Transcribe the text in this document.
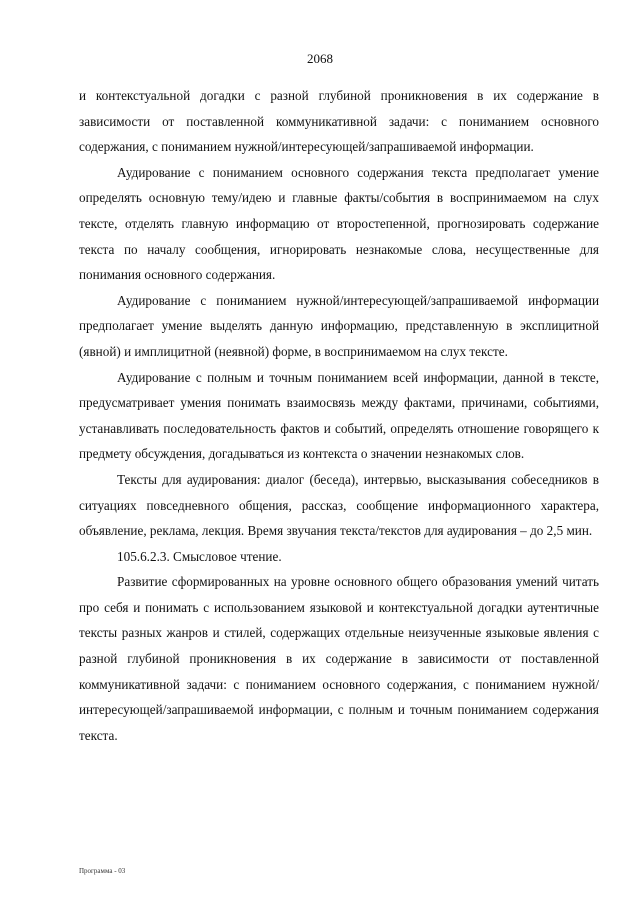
2068

и контекстуальной догадки с разной глубиной проникновения в их содержание в зависимости от поставленной коммуникативной задачи: с пониманием основного содержания, с пониманием нужной/интересующей/запрашиваемой информации.

Аудирование с пониманием основного содержания текста предполагает умение определять основную тему/идею и главные факты/события в воспринимаемом на слух тексте, отделять главную информацию от второстепенной, прогнозировать содержание текста по началу сообщения, игнорировать незнакомые слова, несущественные для понимания основного содержания.

Аудирование с пониманием нужной/интересующей/запрашиваемой информации предполагает умение выделять данную информацию, представленную в эксплицитной (явной) и имплицитной (неявной) форме, в воспринимаемом на слух тексте.

Аудирование с полным и точным пониманием всей информации, данной в тексте, предусматривает умения понимать взаимосвязь между фактами, причинами, событиями, устанавливать последовательность фактов и событий, определять отношение говорящего к предмету обсуждения, догадываться из контекста о значении незнакомых слов.

Тексты для аудирования: диалог (беседа), интервью, высказывания собеседников в ситуациях повседневного общения, рассказ, сообщение информационного характера, объявление, реклама, лекция. Время звучания текста/текстов для аудирования – до 2,5 мин.

105.6.2.3. Смысловое чтение.

Развитие сформированных на уровне основного общего образования умений читать про себя и понимать с использованием языковой и контекстуальной догадки аутентичные тексты разных жанров и стилей, содержащих отдельные неизученные языковые явления с разной глубиной проникновения в их содержание в зависимости от поставленной коммуникативной задачи: с пониманием основного содержания, с пониманием нужной/интересующей/запрашиваемой информации, с полным и точным пониманием содержания текста.

Программа - 03
